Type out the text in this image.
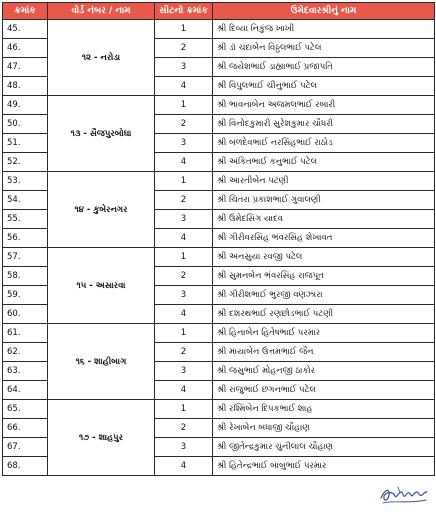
ક્રમાંક	વોર્ડ નંબર / નામ	સીટનો ક્રમાંક	ઉમેદવારશ્રીનું નામ
45.	૧૨ - નરોડા	1	શ્રી દિવ્યા નિકુંજ ખાખી
46.		2	શ્રી ડૉ ચંદાબેન વિઠ્ઠલભાઈ પટેલ
47.		3	શ્રી જયેશભાઈ ડાહ્યાભાઈ પ્રજાપતિ
48.		4	શ્રી વિપુલભાઈ ચીનુભાઈ પટેલ
49.	૧૩ - સૈજપુરબોઘા	1	શ્રી ભાવનાબેન અજમલભાઈ રબારી
50.		2	શ્રી વિનોદકુમારી સુરેશકુમાર ચૌધરી
51.		3	શ્રી બળદેવભાઈ નરસિંહભાઈ રાઠોડ
52.		4	શ્રી અંકિતભાઈ કનુભાઈ પટેલ
53.	૧૪ - કુબેરનગર	1	શ્રી આરતીબેન પટણી
54.		2	શ્રી ચિતરા પ્રકાશભાઈ ગુવાલણી
55.		3	શ્રી ઉમેદસિંગ યાદવ
56.		4	શ્રી ગીરીવરસિંહ ભંવરસિંહ શેખાવત
57.	૧૫ - અસારવા	1	શ્રી અનસુયા રવજી પટેલ
58.		2	શ્રી સુમનબેન ભંવરસિંહ રાજપૂત
59.		3	શ્રી ગીરીશભાઈ ભુરજી વણઝારા
60.		4	શ્રી દશરથભાઈ રણછોડભાઈ પટણી
61.	૧૬ - શાહીબાગ	1	શ્રી હિનાબેન હિતેષભાઈ પરમાર
62.		2	શ્રી માયાબેન ઉત્તમભાઈ જૈન
63.		3	શ્રી જસુભાઈ મોહનજી ઠાકોર
64.		4	શ્રી રાજુભાઈ છગનભાઈ પટેલ
65.	૧૭ - શાહપુર	1	શ્રી રશ્મિબેન દિપકભાઈ શાહ
66.		2	શ્રી રેખાબેન બધાજી ચૌહાણ
67.		3	શ્રી જીતેન્દ્રકુમાર ચુનીલાલ ચૌહાણ
68.		4	શ્રી હિતેન્દ્રભાઈ બાબુભાઈ પરમાર
